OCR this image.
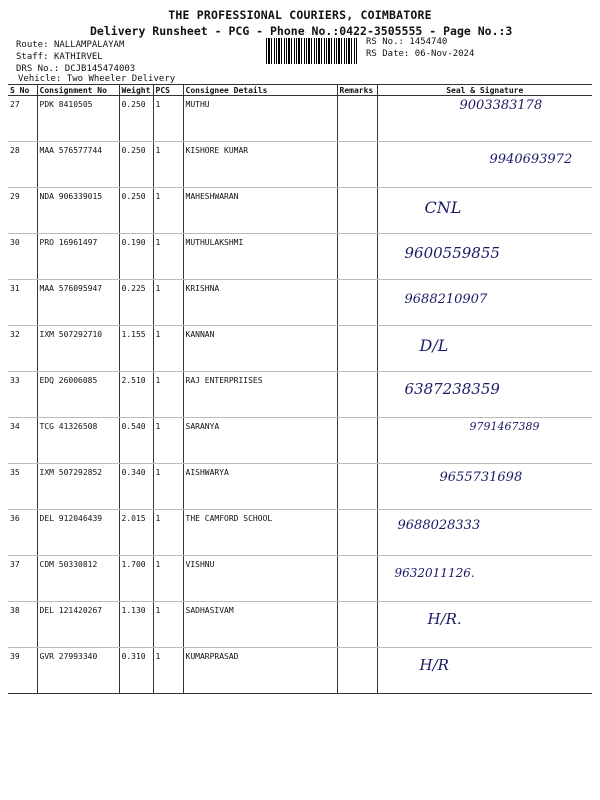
THE PROFESSIONAL COURIERS, COIMBATORE
Delivery Runsheet - PCG - Phone No.:0422-3505555 - Page No.:3
Route: NALLAMPALAYAM
Staff: KATHIRVEL
DRS No.: DCJB145474003
Vehicle: Two Wheeler Delivery
RS No.: 1454740
RS Date: 06-Nov-2024
S No	Consignment No	Weight	PCS	Consignee Details	Remarks	Seal & Signature
27	PDK 8410505	0.250	1	MUTHU		9003383178
28	MAA 576577744	0.250	1	KISHORE KUMAR		9940693972
29	NDA 906339015	0.250	1	MAHESHWARAN		CNL
30	PRO 16961497	0.190	1	MUTHULAKSHMI		9600559855
31	MAA 576095947	0.225	1	KRISHNA		9688210907
32	IXM 507292710	1.155	1	KANNAN		D/L
33	EDQ 26006085	2.510	1	RAJ ENTERPRIISES		6387238359
34	TCG 41326508	0.540	1	SARANYA		9791467389
35	IXM 507292852	0.340	1	AISHWARYA		9655731698
36	DEL 912046439	2.015	1	THE CAMFORD SCHOOL		9688028333
37	CDM 50330812	1.700	1	VISHNU		9632011126.
38	DEL 121420267	1.130	1	SADHASIVAM		H/R.
39	GVR 27993340	0.310	1	KUMARPRASAD		H/R
